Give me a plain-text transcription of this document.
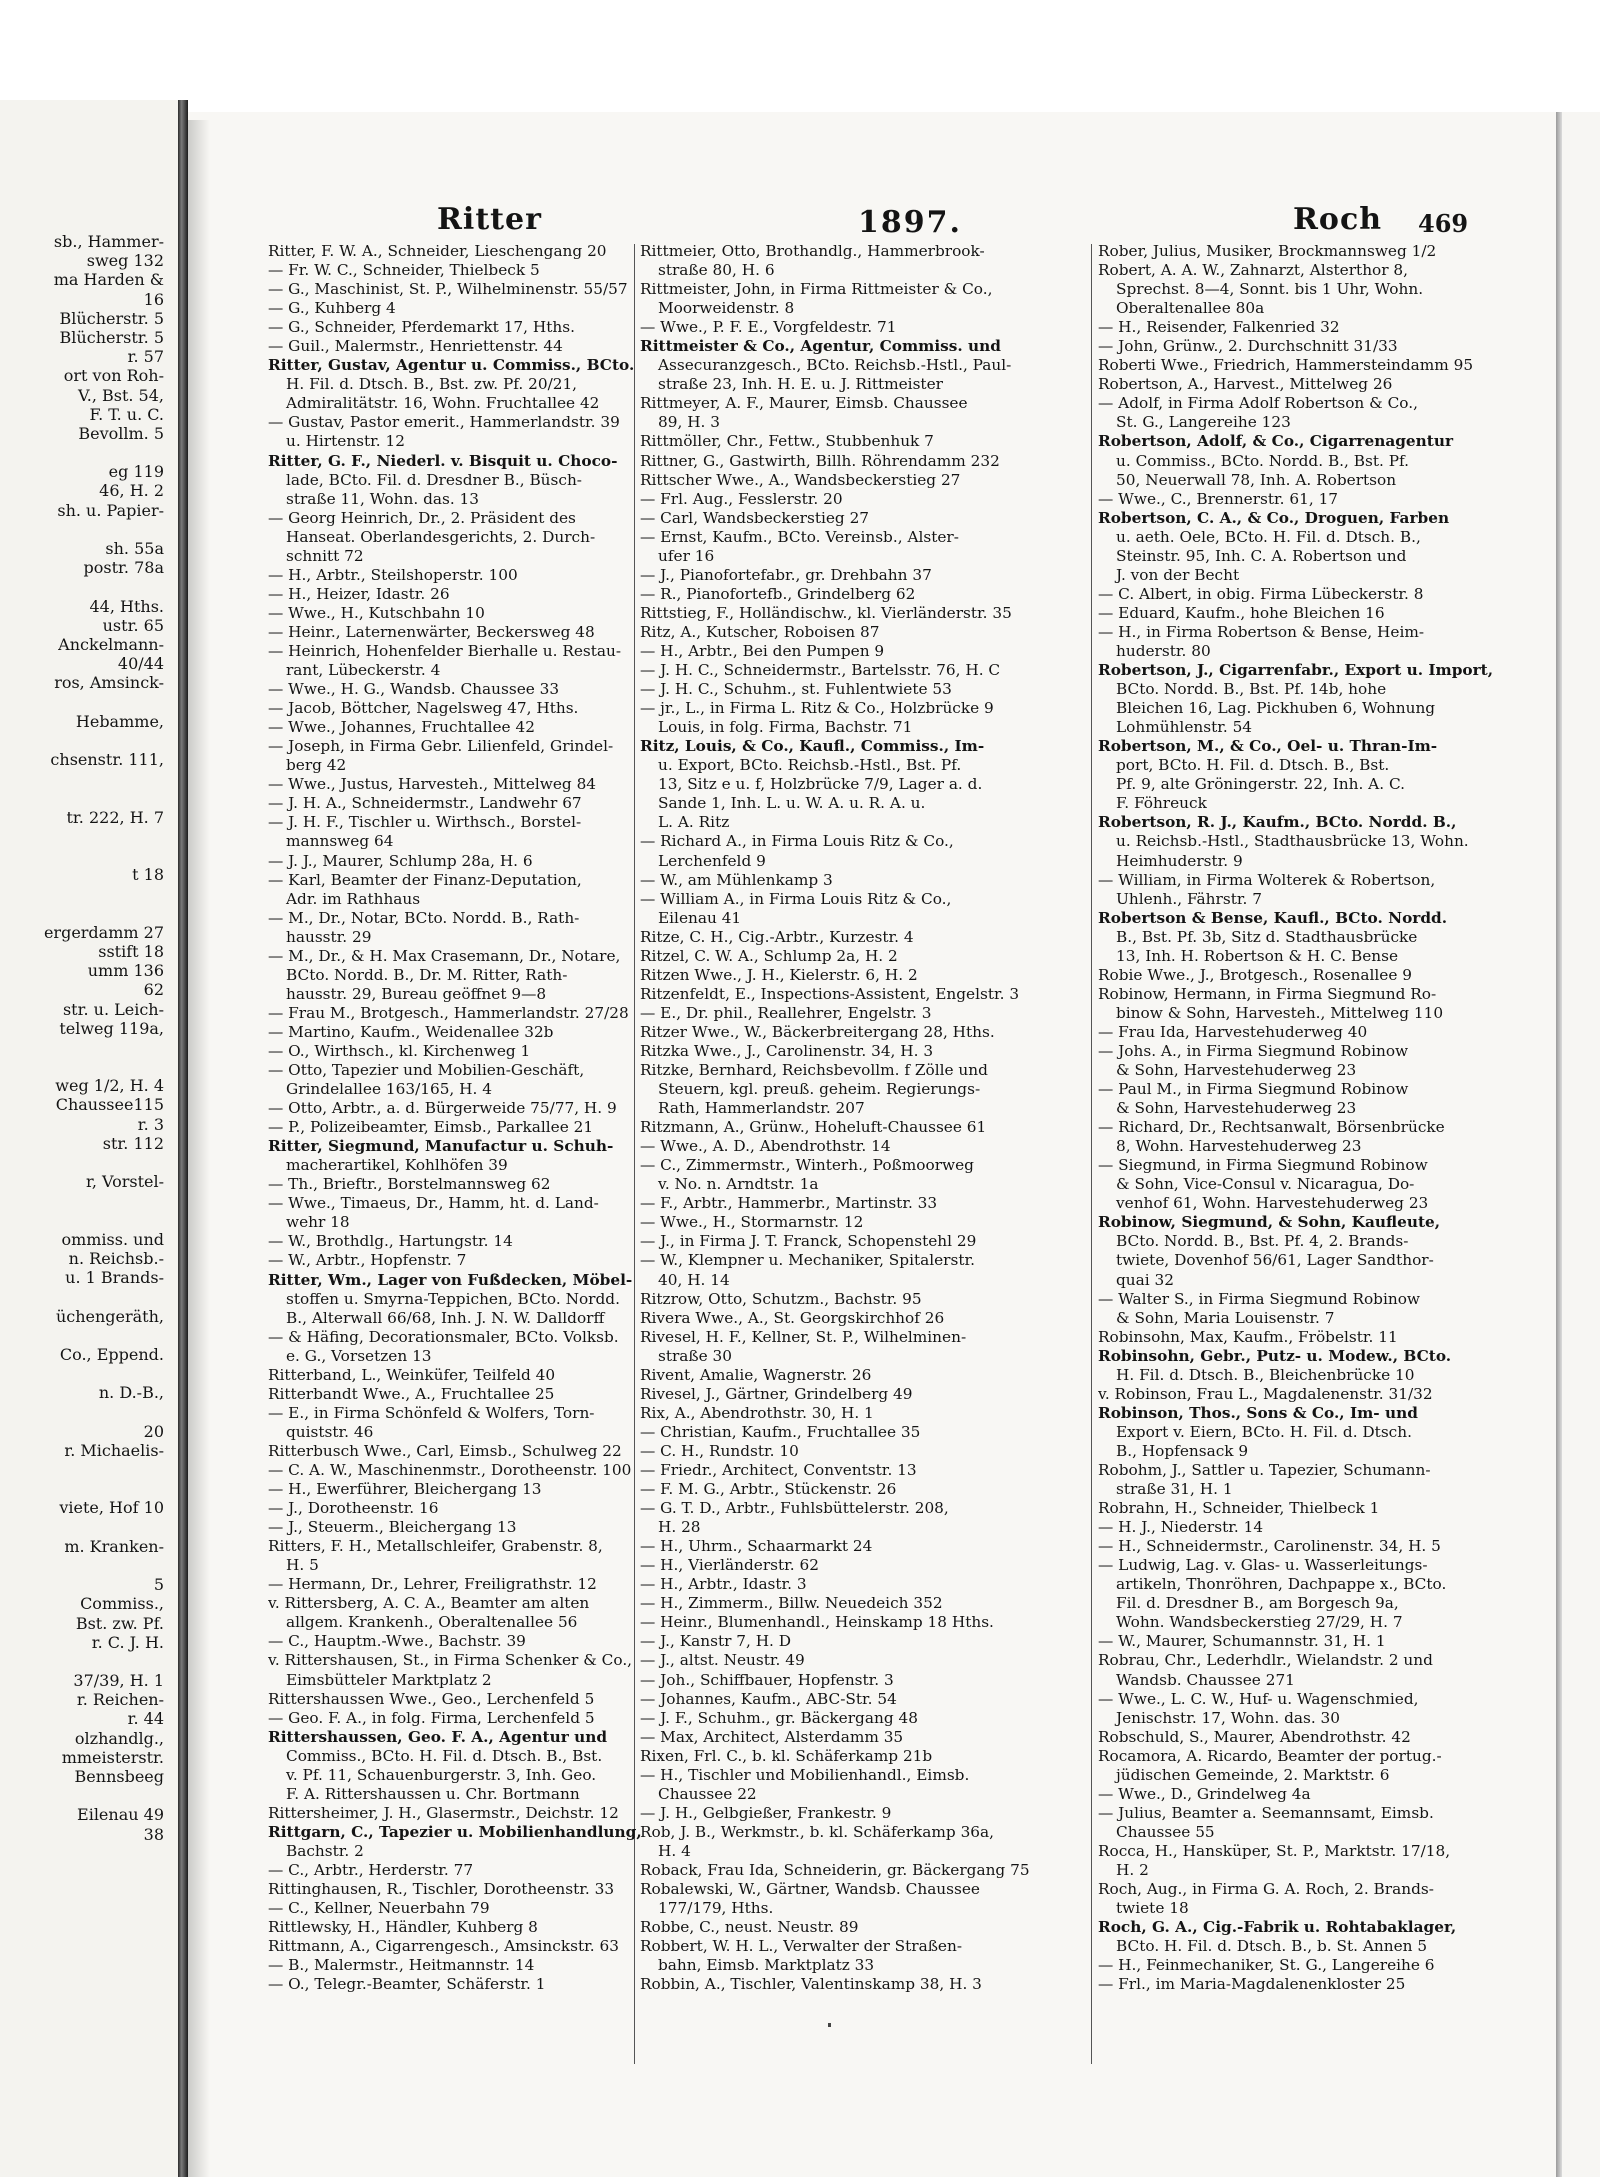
sb., Hammer-
sweg 132
ma Harden &
16
Blücherstr. 5
Blücherstr. 5
r. 57
ort von Roh-
V., Bst. 54,
F. T. u. C.
Bevollm. 5
eg 119
46, H. 2
sh. u. Papier-
sh. 55a
postr. 78a
44, Hths.
ustr. 65
Anckelmann-
40/44
ros, Amsinck-
Hebamme,
chsenstr. 111,
tr. 222, H. 7
t 18
ergerdamm 27
sstift 18
umm 136
62
str. u. Leich-
telweg 119a,
weg 1/2, H. 4
Chaussee115
r. 3
str. 112
r, Vorstel-
ommiss. und
n. Reichsb.-
u. 1 Brands-
üchengeräth,
Co., Eppend.
n. D.-B.,
20
r. Michaelis-
viete, Hof 10
m. Kranken-
5
Commiss.,
Bst. zw. Pf.
r. C. J. H.
37/39, H. 1
r. Reichen-
r. 44
olzhandlg.,
mmeisterstr.
Bennsbeeg
Eilenau 49
38
Ritter	1897.	Roch 469
Ritter, F. W. A., Schneider, Lieschengang 20
— Fr. W. C., Schneider, Thielbeck 5
— G., Maschinist, St. P., Wilhelminenstr. 55/57
— G., Kuhberg 4
— G., Schneider, Pferdemarkt 17, Hths.
— Guil., Malermstr., Henriettenstr. 44
Ritter, Gustav, Agentur u. Commiss., BCto.
H. Fil. d. Dtsch. B., Bst. zw. Pf. 20/21,
Admiralitätstr. 16, Wohn. Fruchtallee 42
— Gustav, Pastor emerit., Hammerlandstr. 39
u. Hirtenstr. 12
Ritter, G. F., Niederl. v. Bisquit u. Choco-
lade, BCto. Fil. d. Dresdner B., Büsch-
straße 11, Wohn. das. 13
— Georg Heinrich, Dr., 2. Präsident des
Hanseat. Oberlandesgerichts, 2. Durch-
schnitt 72
— H., Arbtr., Steilshoperstr. 100
— H., Heizer, Idastr. 26
— Wwe., H., Kutschbahn 10
— Heinr., Laternenwärter, Beckersweg 48
— Heinrich, Hohenfelder Bierhalle u. Restau-
rant, Lübeckerstr. 4
— Wwe., H. G., Wandsb. Chaussee 33
— Jacob, Böttcher, Nagelsweg 47, Hths.
— Wwe., Johannes, Fruchtallee 42
— Joseph, in Firma Gebr. Lilienfeld, Grindel-
berg 42
— Wwe., Justus, Harvesteh., Mittelweg 84
— J. H. A., Schneidermstr., Landwehr 67
— J. H. F., Tischler u. Wirthsch., Borstel-
mannsweg 64
— J. J., Maurer, Schlump 28a, H. 6
— Karl, Beamter der Finanz-Deputation,
Adr. im Rathhaus
— M., Dr., Notar, BCto. Nordd. B., Rath-
hausstr. 29
— M., Dr., & H. Max Crasemann, Dr., Notare,
BCto. Nordd. B., Dr. M. Ritter, Rath-
hausstr. 29, Bureau geöffnet 9—8
— Frau M., Brotgesch., Hammerlandstr. 27/28
— Martino, Kaufm., Weidenallee 32b
— O., Wirthsch., kl. Kirchenweg 1
— Otto, Tapezier und Mobilien-Geschäft,
Grindelallee 163/165, H. 4
— Otto, Arbtr., a. d. Bürgerweide 75/77, H. 9
— P., Polizeibeamter, Eimsb., Parkallee 21
Ritter, Siegmund, Manufactur u. Schuh-
macherartikel, Kohlhöfen 39
— Th., Brieftr., Borstelmannsweg 62
— Wwe., Timaeus, Dr., Hamm, ht. d. Land-
wehr 18
— W., Brothdlg., Hartungstr. 14
— W., Arbtr., Hopfenstr. 7
Ritter, Wm., Lager von Fußdecken, Möbel-
stoffen u. Smyrna-Teppichen, BCto. Nordd.
B., Alterwall 66/68, Inh. J. N. W. Dalldorff
— & Häfing, Decorationsmaler, BCto. Volksb.
e. G., Vorsetzen 13
Ritterband, L., Weinküfer, Teilfeld 40
Ritterbandt Wwe., A., Fruchtallee 25
— E., in Firma Schönfeld & Wolfers, Torn-
quiststr. 46
Ritterbusch Wwe., Carl, Eimsb., Schulweg 22
— C. A. W., Maschinenmstr., Dorotheenstr. 100
— H., Ewerführer, Bleichergang 13
— J., Dorotheenstr. 16
— J., Steuerm., Bleichergang 13
Ritters, F. H., Metallschleifer, Grabenstr. 8,
H. 5
— Hermann, Dr., Lehrer, Freiligrathstr. 12
v. Rittersberg, A. C. A., Beamter am alten
allgem. Krankenh., Oberaltenallee 56
— C., Hauptm.-Wwe., Bachstr. 39
v. Rittershausen, St., in Firma Schenker & Co.,
Eimsbütteler Marktplatz 2
Rittershaussen Wwe., Geo., Lerchenfeld 5
— Geo. F. A., in folg. Firma, Lerchenfeld 5
Rittershaussen, Geo. F. A., Agentur und
Commiss., BCto. H. Fil. d. Dtsch. B., Bst.
v. Pf. 11, Schauenburgerstr. 3, Inh. Geo.
F. A. Rittershaussen u. Chr. Bortmann
Rittersheimer, J. H., Glasermstr., Deichstr. 12
Rittgarn, C., Tapezier u. Mobilienhandlung,
Bachstr. 2
— C., Arbtr., Herderstr. 77
Rittinghausen, R., Tischler, Dorotheenstr. 33
— C., Kellner, Neuerbahn 79
Rittlewsky, H., Händler, Kuhberg 8
Rittmann, A., Cigarrengesch., Amsinckstr. 63
— B., Malermstr., Heitmannstr. 14
— O., Telegr.-Beamter, Schäferstr. 1
Rittmeier, Otto, Brothandlg., Hammerbrook-
straße 80, H. 6
Rittmeister, John, in Firma Rittmeister & Co.,
Moorweidenstr. 8
— Wwe., P. F. E., Vorgfeldestr. 71
Rittmeister & Co., Agentur, Commiss. und
Assecuranzgesch., BCto. Reichsb.-Hstl., Paul-
straße 23, Inh. H. E. u. J. Rittmeister
Rittmeyer, A. F., Maurer, Eimsb. Chaussee
89, H. 3
Rittmöller, Chr., Fettw., Stubbenhuk 7
Rittner, G., Gastwirth, Billh. Röhrendamm 232
Rittscher Wwe., A., Wandsbeckerstieg 27
— Frl. Aug., Fesslerstr. 20
— Carl, Wandsbeckerstieg 27
— Ernst, Kaufm., BCto. Vereinsb., Alster-
ufer 16
— J., Pianofortefabr., gr. Drehbahn 37
— R., Pianofortefb., Grindelberg 62
Rittstieg, F., Holländischw., kl. Vierländerstr. 35
Ritz, A., Kutscher, Roboisen 87
— H., Arbtr., Bei den Pumpen 9
— J. H. C., Schneidermstr., Bartelsstr. 76, H. C
— J. H. C., Schuhm., st. Fuhlentwiete 53
— jr., L., in Firma L. Ritz & Co., Holzbrücke 9
Louis, in folg. Firma, Bachstr. 71
Ritz, Louis, & Co., Kaufl., Commiss., Im-
u. Export, BCto. Reichsb.-Hstl., Bst. Pf.
13, Sitz e u. f, Holzbrücke 7/9, Lager a. d.
Sande 1, Inh. L. u. W. A. u. R. A. u.
L. A. Ritz
— Richard A., in Firma Louis Ritz & Co.,
Lerchenfeld 9
— W., am Mühlenkamp 3
— William A., in Firma Louis Ritz & Co.,
Eilenau 41
Ritze, C. H., Cig.-Arbtr., Kurzestr. 4
Ritzel, C. W. A., Schlump 2a, H. 2
Ritzen Wwe., J. H., Kielerstr. 6, H. 2
Ritzenfeldt, E., Inspections-Assistent, Engelstr. 3
— E., Dr. phil., Reallehrer, Engelstr. 3
Ritzer Wwe., W., Bäckerbreitergang 28, Hths.
Ritzka Wwe., J., Carolinenstr. 34, H. 3
Ritzke, Bernhard, Reichsbevollm. f Zölle und
Steuern, kgl. preuß. geheim. Regierungs-
Rath, Hammerlandstr. 207
Ritzmann, A., Grünw., Hoheluft-Chaussee 61
— Wwe., A. D., Abendrothstr. 14
— C., Zimmermstr., Winterh., Poßmoorweg
v. No. n. Arndtstr. 1a
— F., Arbtr., Hammerbr., Martinstr. 33
— Wwe., H., Stormarnstr. 12
— J., in Firma J. T. Franck, Schopenstehl 29
— W., Klempner u. Mechaniker, Spitalerstr.
40, H. 14
Ritzrow, Otto, Schutzm., Bachstr. 95
Rivera Wwe., A., St. Georgskirchhof 26
Rivesel, H. F., Kellner, St. P., Wilhelminen-
straße 30
Rivent, Amalie, Wagnerstr. 26
Rivesel, J., Gärtner, Grindelberg 49
Rix, A., Abendrothstr. 30, H. 1
— Christian, Kaufm., Fruchtallee 35
— C. H., Rundstr. 10
— Friedr., Architect, Conventstr. 13
— F. M. G., Arbtr., Stückenstr. 26
— G. T. D., Arbtr., Fuhlsbüttelerstr. 208,
H. 28
— H., Uhrm., Schaarmarkt 24
— H., Vierländerstr. 62
— H., Arbtr., Idastr. 3
— H., Zimmerm., Billw. Neuedeich 352
— Heinr., Blumenhandl., Heinskamp 18 Hths.
— J., Kanstr 7, H. D
— J., altst. Neustr. 49
— Joh., Schiffbauer, Hopfenstr. 3
— Johannes, Kaufm., ABC-Str. 54
— J. F., Schuhm., gr. Bäckergang 48
— Max, Architect, Alsterdamm 35
Rixen, Frl. C., b. kl. Schäferkamp 21b
— H., Tischler und Mobilienhandl., Eimsb.
Chaussee 22
— J. H., Gelbgießer, Frankestr. 9
Rob, J. B., Werkmstr., b. kl. Schäferkamp 36a,
H. 4
Roback, Frau Ida, Schneiderin, gr. Bäckergang 75
Robalewski, W., Gärtner, Wandsb. Chaussee
177/179, Hths.
Robbe, C., neust. Neustr. 89
Robbert, W. H. L., Verwalter der Straßen-
bahn, Eimsb. Marktplatz 33
Robbin, A., Tischler, Valentinskamp 38, H. 3
Rober, Julius, Musiker, Brockmannsweg 1/2
Robert, A. A. W., Zahnarzt, Alsterthor 8,
Sprechst. 8—4, Sonnt. bis 1 Uhr, Wohn.
Oberaltenallee 80a
— H., Reisender, Falkenried 32
— John, Grünw., 2. Durchschnitt 31/33
Roberti Wwe., Friedrich, Hammersteindamm 95
Robertson, A., Harvest., Mittelweg 26
— Adolf, in Firma Adolf Robertson & Co.,
St. G., Langereihe 123
Robertson, Adolf, & Co., Cigarrenagentur
u. Commiss., BCto. Nordd. B., Bst. Pf.
50, Neuerwall 78, Inh. A. Robertson
— Wwe., C., Brennerstr. 61, 17
Robertson, C. A., & Co., Droguen, Farben
u. aeth. Oele, BCto. H. Fil. d. Dtsch. B.,
Steinstr. 95, Inh. C. A. Robertson und
J. von der Becht
— C. Albert, in obig. Firma Lübeckerstr. 8
— Eduard, Kaufm., hohe Bleichen 16
— H., in Firma Robertson & Bense, Heim-
huderstr. 80
Robertson, J., Cigarrenfabr., Export u. Import,
BCto. Nordd. B., Bst. Pf. 14b, hohe
Bleichen 16, Lag. Pickhuben 6, Wohnung
Lohmühlenstr. 54
Robertson, M., & Co., Oel- u. Thran-Im-
port, BCto. H. Fil. d. Dtsch. B., Bst.
Pf. 9, alte Gröningerstr. 22, Inh. A. C.
F. Föhreuck
Robertson, R. J., Kaufm., BCto. Nordd. B.,
u. Reichsb.-Hstl., Stadthausbrücke 13, Wohn.
Heimhuderstr. 9
— William, in Firma Wolterek & Robertson,
Uhlenh., Fährstr. 7
Robertson & Bense, Kaufl., BCto. Nordd.
B., Bst. Pf. 3b, Sitz d. Stadthausbrücke
13, Inh. H. Robertson & H. C. Bense
Robie Wwe., J., Brotgesch., Rosenallee 9
Robinow, Hermann, in Firma Siegmund Ro-
binow & Sohn, Harvesteh., Mittelweg 110
— Frau Ida, Harvestehuderweg 40
— Johs. A., in Firma Siegmund Robinow
& Sohn, Harvestehuderweg 23
— Paul M., in Firma Siegmund Robinow
& Sohn, Harvestehuderweg 23
— Richard, Dr., Rechtsanwalt, Börsenbrücke
8, Wohn. Harvestehuderweg 23
— Siegmund, in Firma Siegmund Robinow
& Sohn, Vice-Consul v. Nicaragua, Do-
venhof 61, Wohn. Harvestehuderweg 23
Robinow, Siegmund, & Sohn, Kaufleute,
BCto. Nordd. B., Bst. Pf. 4, 2. Brands-
twiete, Dovenhof 56/61, Lager Sandthor-
quai 32
— Walter S., in Firma Siegmund Robinow
& Sohn, Maria Louisenstr. 7
Robinsohn, Max, Kaufm., Fröbelstr. 11
Robinsohn, Gebr., Putz- u. Modew., BCto.
H. Fil. d. Dtsch. B., Bleichenbrücke 10
v. Robinson, Frau L., Magdalenenstr. 31/32
Robinson, Thos., Sons & Co., Im- und
Export v. Eiern, BCto. H. Fil. d. Dtsch.
B., Hopfensack 9
Robohm, J., Sattler u. Tapezier, Schumann-
straße 31, H. 1
Robrahn, H., Schneider, Thielbeck 1
— H. J., Niederstr. 14
— H., Schneidermstr., Carolinenstr. 34, H. 5
— Ludwig, Lag. v. Glas- u. Wasserleitungs-
artikeln, Thonröhren, Dachpappe x., BCto.
Fil. d. Dresdner B., am Borgesch 9a,
Wohn. Wandsbeckerstieg 27/29, H. 7
— W., Maurer, Schumannstr. 31, H. 1
Robrau, Chr., Lederhdlr., Wielandstr. 2 und
Wandsb. Chaussee 271
— Wwe., L. C. W., Huf- u. Wagenschmied,
Jenischstr. 17, Wohn. das. 30
Robschuld, S., Maurer, Abendrothstr. 42
Rocamora, A. Ricardo, Beamter der portug.-
jüdischen Gemeinde, 2. Marktstr. 6
— Wwe., D., Grindelweg 4a
— Julius, Beamter a. Seemannsamt, Eimsb.
Chaussee 55
Rocca, H., Hansküper, St. P., Marktstr. 17/18,
H. 2
Roch, Aug., in Firma G. A. Roch, 2. Brands-
twiete 18
Roch, G. A., Cig.-Fabrik u. Rohtabaklager,
BCto. H. Fil. d. Dtsch. B., b. St. Annen 5
— H., Feinmechaniker, St. G., Langereihe 6
— Frl., im Maria-Magdalenenkloster 25
